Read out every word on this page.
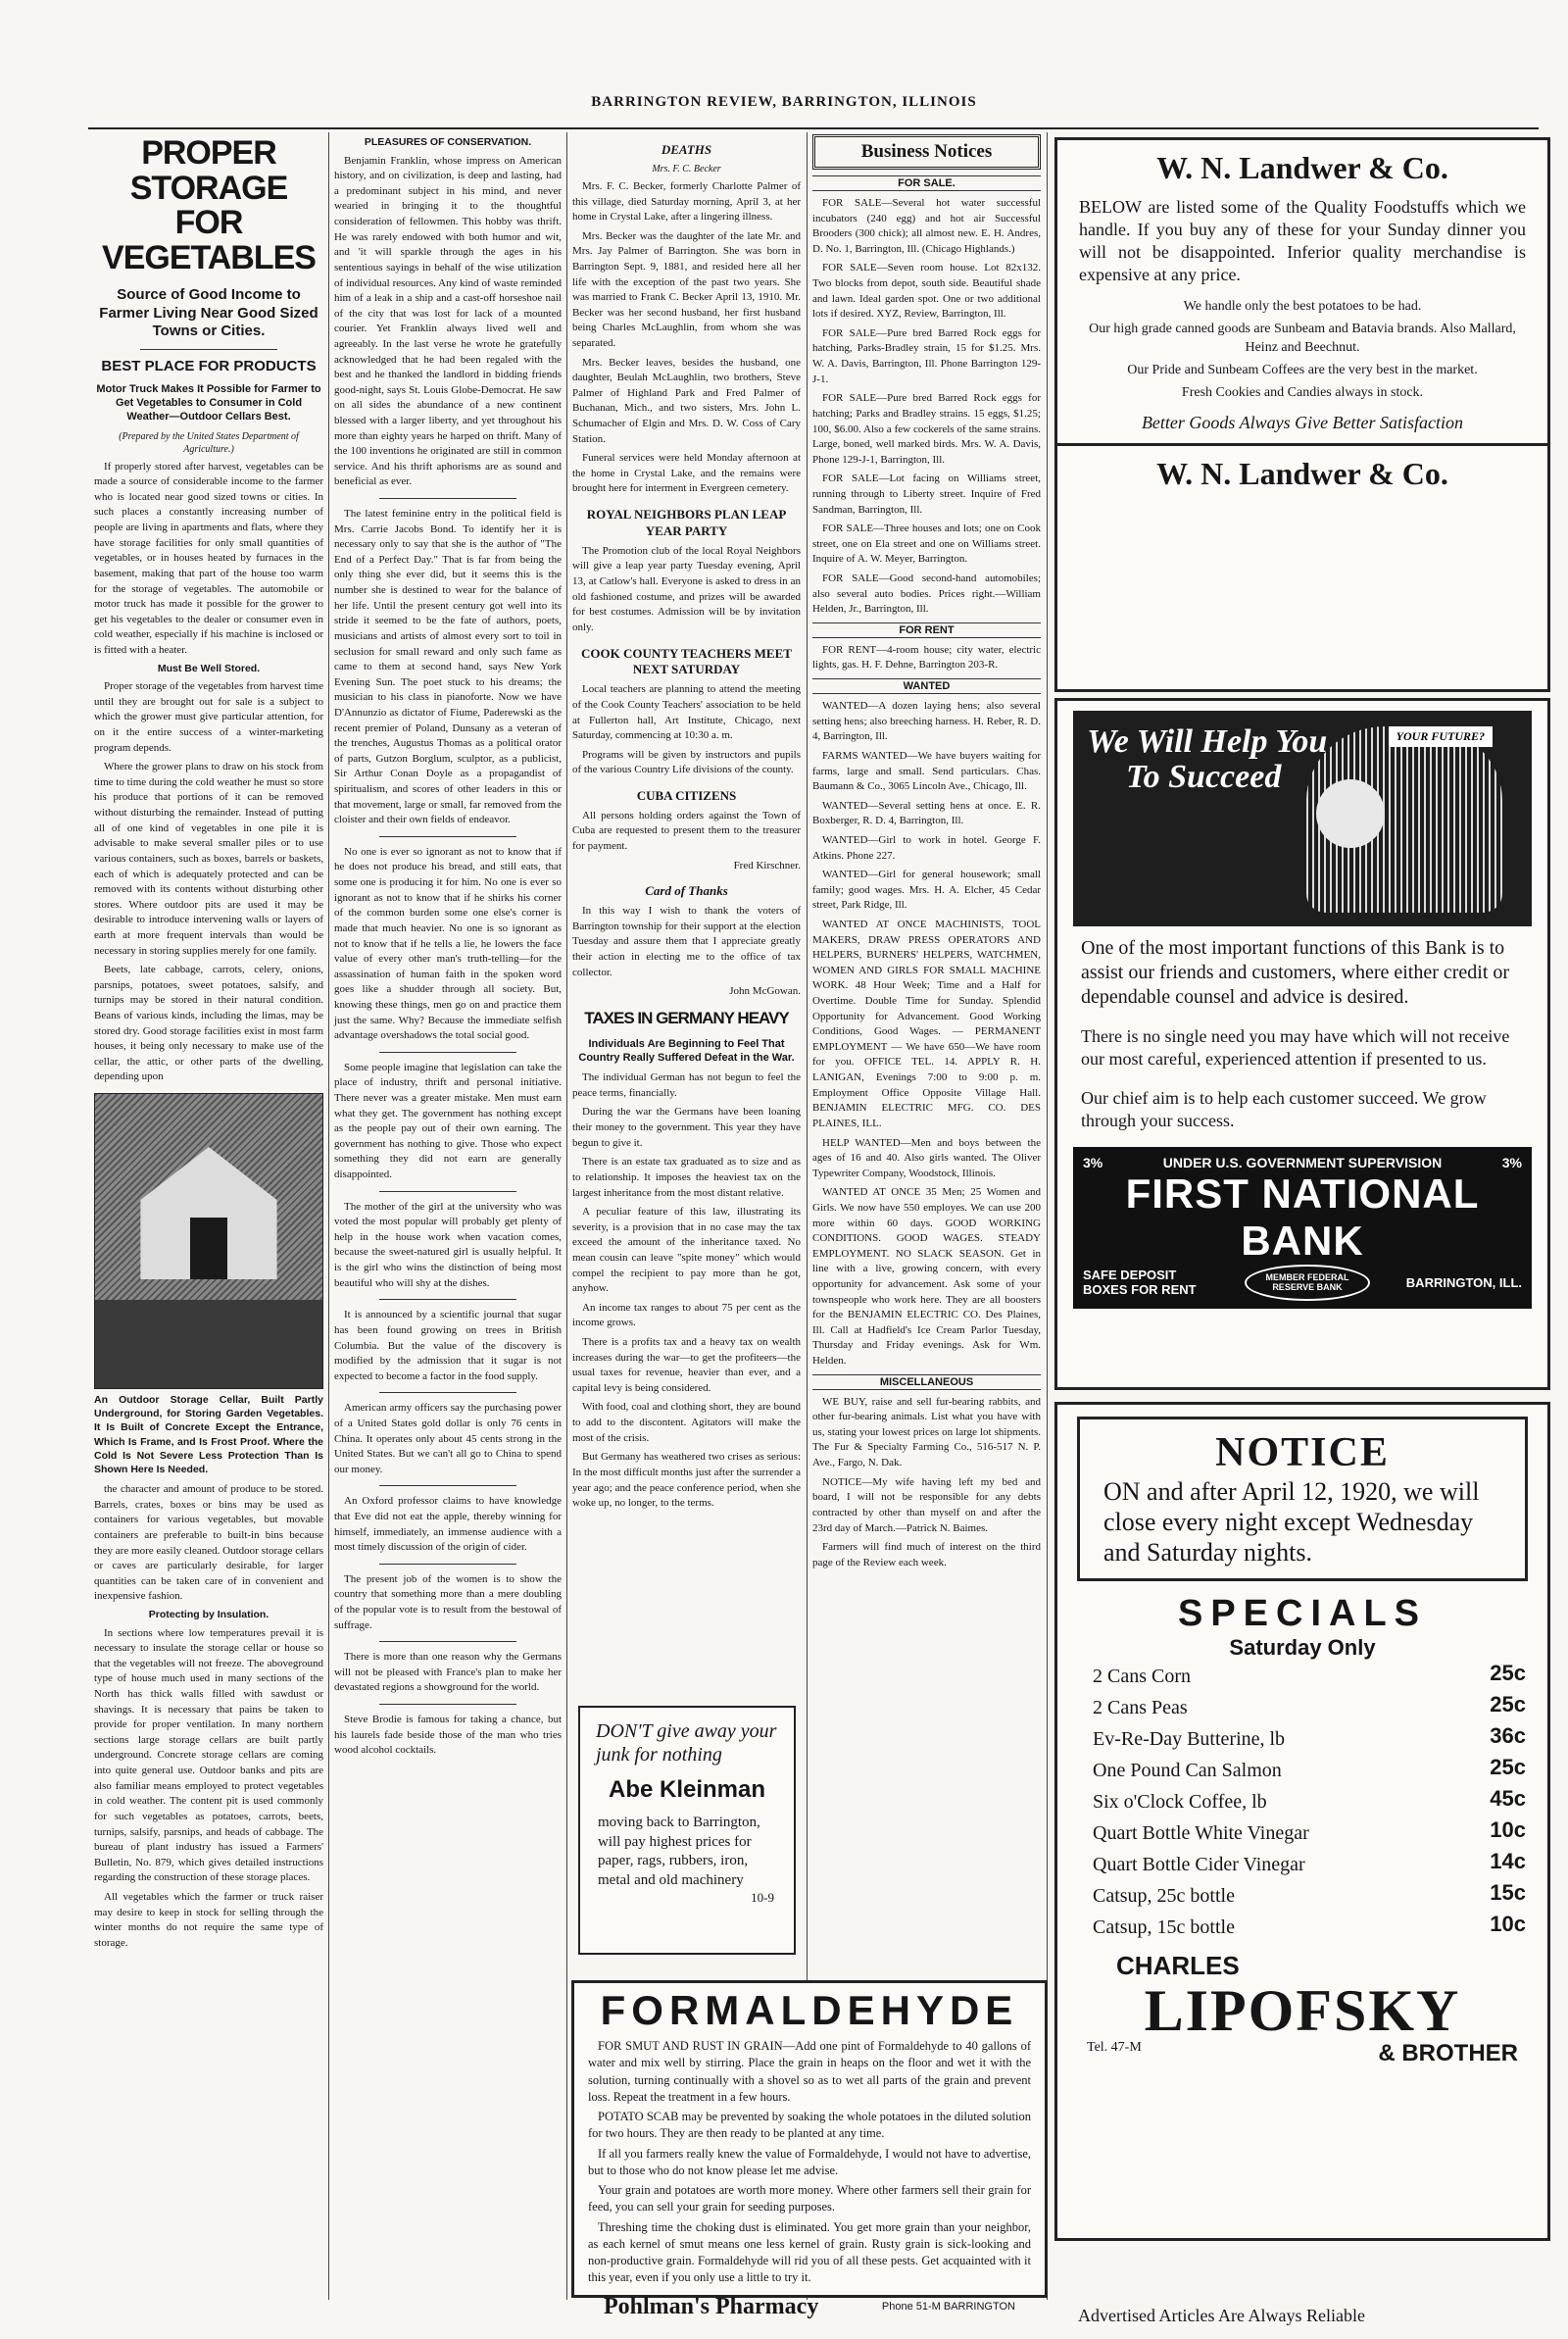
BARRINGTON REVIEW, BARRINGTON, ILLINOIS
PROPER STORAGE FOR VEGETABLES
Source of Good Income to Farmer Living Near Good Sized Towns or Cities.
BEST PLACE FOR PRODUCTS
Motor Truck Makes It Possible for Farmer to Get Vegetables to Consumer in Cold Weather—Outdoor Cellars Best.
(Prepared by the United States Department of Agriculture.)

If properly stored after harvest, vegetables can be made a source of considerable income to the farmer who is located near good sized towns or cities. In such places a constantly increasing number of people are living in apartments and flats, where they have storage facilities for only small quantities of vegetables, or in houses heated by furnaces in the basement, making that part of the house too warm for the storage of vegetables. The automobile or motor truck has made it possible for the grower to get his vegetables to the dealer or consumer even in cold weather, especially if his machine is inclosed or is fitted with a heater.

Must Be Well Stored.

Proper storage of the vegetables from harvest time until they are brought out for sale is a subject to which the grower must give particular attention, for on it the entire success of a winter-marketing program depends.

Where the grower plans to draw on his stock from time to time during the cold weather he must so store his produce that portions of it can be removed without disturbing the remainder. Instead of putting all of one kind of vegetables in one pile it is advisable to make several smaller piles or to use various containers, such as boxes, barrels or baskets, each of which is adequately protected and can be removed with its contents without disturbing other stores. Where outdoor pits are used it may be desirable to introduce intervening walls or layers of earth at more frequent intervals than would be necessary in storing supplies merely for one family.

Beets, late cabbage, carrots, celery, onions, parsnips, potatoes, sweet potatoes, salsify, and turnips may be stored in their natural condition. Beans of various kinds, including the limas, may be stored dry. Good storage facilities exist in most farm houses, it being only necessary to make use of the cellar, the attic, or other parts of the dwelling, depending upon

An Outdoor Storage Cellar, Built Partly Underground, for Storing Garden Vegetables. It Is Built of Concrete Except the Entrance, Which Is Frame, and Is Frost Proof. Where the Cold Is Not Severe Less Protection Than Is Shown Here Is Needed.

the character and amount of produce to be stored. Barrels, crates, boxes or bins may be used as containers for various vegetables, but movable containers are preferable to built-in bins because they are more easily cleaned. Outdoor storage cellars or caves are particularly desirable, for larger quantities can be taken care of in convenient and inexpensive fashion.

Protecting by Insulation.

In sections where low temperatures prevail it is necessary to insulate the storage cellar or house so that the vegetables will not freeze. The aboveground type of house much used in many sections of the North has thick walls filled with sawdust or shavings. It is necessary that pains be taken to provide for proper ventilation. In many northern sections large storage cellars are built partly underground. Concrete storage cellars are coming into quite general use. Outdoor banks and pits are also familiar means employed to protect vegetables in cold weather. The content pit is used commonly for such vegetables as potatoes, carrots, beets, turnips, salsify, parsnips, and heads of cabbage. The bureau of plant industry has issued a Farmers' Bulletin, No. 879, which gives detailed instructions regarding the construction of these storage places.

All vegetables which the farmer or truck raiser may desire to keep in stock for selling through the winter months do not require the same type of storage.

PLEASURES OF CONSERVATION.

Benjamin Franklin, whose impress on American history, and on civilization, is deep and lasting, had a predominant subject in his mind, and never wearied in bringing it to the thoughtful consideration of fellowmen. This hobby was thrift. He was rarely endowed with both humor and wit, and 'it will sparkle through the ages in his sententious sayings in behalf of the wise utilization of individual resources. Any kind of waste reminded him of a leak in a ship and a cast-off horseshoe nail of the city that was lost for lack of a mounted courier. Yet Franklin always lived well and agreeably. In the last verse he wrote he gratefully acknowledged that he had been regaled with the best and he thanked the landlord in bidding friends good-night, says St. Louis Globe-Democrat. He saw on all sides the abundance of a new continent blessed with a larger liberty, and yet throughout his more than eighty years he harped on thrift. Many of the 100 inventions he originated are still in common service. And his thrift aphorisms are as sound and beneficial as ever.

The latest feminine entry in the political field is Mrs. Carrie Jacobs Bond. To identify her it is necessary only to say that she is the author of "The End of a Perfect Day." That is far from being the only thing she ever did, but it seems this is the number she is destined to wear for the balance of her life. Until the present century got well into its stride it seemed to be the fate of authors, poets, musicians and artists of almost every sort to toil in seclusion for small reward and only such fame as came to them at second hand, says New York Evening Sun. The poet stuck to his dreams; the musician to his class in pianoforte. Now we have D'Annunzio as dictator of Fiume, Paderewski as the recent premier of Poland, Dunsany as a veteran of the trenches, Augustus Thomas as a political orator of parts, Gutzon Borglum, sculptor, as a publicist, Sir Arthur Conan Doyle as a propagandist of spiritualism, and scores of other leaders in this or that movement, large or small, far removed from the cloister and their own fields of endeavor.

No one is ever so ignorant as not to know that if he does not produce his bread, and still eats, that some one is producing it for him. No one is ever so ignorant as not to know that if he shirks his corner of the common burden some one else's corner is made that much heavier. No one is so ignorant as not to know that if he tells a lie, he lowers the face value of every other man's truth-telling—for the assassination of human faith in the spoken word goes like a shudder through all society. But, knowing these things, men go on and practice them just the same. Why? Because the immediate selfish advantage overshadows the total social good.

Some people imagine that legislation can take the place of industry, thrift and personal initiative. There never was a greater mistake. Men must earn what they get. The government has nothing except as the people pay out of their own earning. The government has nothing to give. Those who expect something they did not earn are generally disappointed.

The mother of the girl at the university who was voted the most popular will probably get plenty of help in the house work when vacation comes, because the sweet-natured girl is usually helpful. It is the girl who wins the distinction of being most beautiful who will shy at the dishes.

It is announced by a scientific journal that sugar has been found growing on trees in British Columbia. But the value of the discovery is modified by the admission that it sugar is not expected to become a factor in the food supply.

American army officers say the purchasing power of a United States gold dollar is only 76 cents in China. It operates only about 45 cents strong in the United States. But we can't all go to China to spend our money.

An Oxford professor claims to have knowledge that Eve did not eat the apple, thereby winning for himself, immediately, an immense audience with a most timely discussion of the origin of cider.

The present job of the women is to show the country that something more than a mere doubling of the popular vote is to result from the bestowal of suffrage.

There is more than one reason why the Germans will not be pleased with France's plan to make her devastated regions a showground for the world.

Steve Brodie is famous for taking a chance, but his laurels fade beside those of the man who tries wood alcohol cocktails.

DEATHS
Mrs. F. C. Becker

Mrs. F. C. Becker, formerly Charlotte Palmer of this village, died Saturday morning, April 3, at her home in Crystal Lake, after a lingering illness.

Mrs. Becker was the daughter of the late Mr. and Mrs. Jay Palmer of Barrington. She was born in Barrington Sept. 9, 1881, and resided here all her life with the exception of the past two years. She was married to Frank C. Becker April 13, 1910. Mr. Becker was her second husband, her first husband being Charles McLaughlin, from whom she was separated.

Mrs. Becker leaves, besides the husband, one daughter, Beulah McLaughlin, two brothers, Steve Palmer of Highland Park and Fred Palmer of Buchanan, Mich., and two sisters, Mrs. John L. Schumacher of Elgin and Mrs. D. W. Coss of Cary Station.

Funeral services were held Monday afternoon at the home in Crystal Lake, and the remains were brought here for interment in Evergreen cemetery.

ROYAL NEIGHBORS PLAN LEAP YEAR PARTY

The Promotion club of the local Royal Neighbors will give a leap year party Tuesday evening, April 13, at Catlow's hall. Everyone is asked to dress in an old fashioned costume, and prizes will be awarded for best costumes. Admission will be by invitation only.

COOK COUNTY TEACHERS MEET NEXT SATURDAY

Local teachers are planning to attend the meeting of the Cook County Teachers' association to be held at Fullerton hall, Art Institute, Chicago, next Saturday, commencing at 10:30 a. m.

Programs will be given by instructors and pupils of the various Country Life divisions of the county.

CUBA CITIZENS

All persons holding orders against the Town of Cuba are requested to present them to the treasurer for payment.

Fred Kirschner.
Card of Thanks

In this way I wish to thank the voters of Barrington township for their support at the election Tuesday and assure them that I appreciate greatly their action in electing me to the office of tax collector.

John McGowan.
TAXES IN GERMANY HEAVY
Individuals Are Beginning to Feel That Country Really Suffered Defeat in the War.

The individual German has not begun to feel the peace terms, financially.

During the war the Germans have been loaning their money to the government. This year they have begun to give it.

There is an estate tax graduated as to size and as to relationship. It imposes the heaviest tax on the largest inheritance from the most distant relative.

A peculiar feature of this law, illustrating its severity, is a provision that in no case may the tax exceed the amount of the inheritance taxed. No mean cousin can leave "spite money" which would compel the recipient to pay more than he got, anyhow.

An income tax ranges to about 75 per cent as the income grows.

There is a profits tax and a heavy tax on wealth increases during the war—to get the profiteers—the usual taxes for revenue, heavier than ever, and a capital levy is being considered.

With food, coal and clothing short, they are bound to add to the discontent. Agitators will make the most of the crisis.

But Germany has weathered two crises as serious: In the most difficult months just after the surrender a year ago; and the peace conference period, when she woke up, no longer, to the terms.

DON'T give away your junk for nothing
Abe Kleinman
moving back to Barrington, will pay highest prices for paper, rags, rubbers, iron, metal and old machinery
10-9
Business Notices
FOR SALE.

FOR SALE—Several hot water successful incubators (240 egg) and hot air Successful Brooders (300 chick); all almost new. E. H. Andres, D. No. 1, Barrington, Ill. (Chicago Highlands.)

FOR SALE—Seven room house. Lot 82x132. Two blocks from depot, south side. Beautiful shade and lawn. Ideal garden spot. One or two additional lots if desired. XYZ, Review, Barrington, Ill.

FOR SALE—Pure bred Barred Rock eggs for hatching, Parks-Bradley strain, 15 for $1.25. Mrs. W. A. Davis, Barrington, Ill. Phone Barrington 129-J-1.

FOR SALE—Pure bred Barred Rock eggs for hatching; Parks and Bradley strains. 15 eggs, $1.25; 100, $6.00. Also a few cockerels of the same strains. Large, boned, well marked birds. Mrs. W. A. Davis, Phone 129-J-1, Barrington, Ill.

FOR SALE—Lot facing on Williams street, running through to Liberty street. Inquire of Fred Sandman, Barrington, Ill.

FOR SALE—Three houses and lots; one on Cook street, one on Ela street and one on Williams street. Inquire of A. W. Meyer, Barrington.

FOR SALE—Good second-hand automobiles; also several auto bodies. Prices right.—William Helden, Jr., Barrington, Ill.

FOR RENT

FOR RENT—4-room house; city water, electric lights, gas. H. F. Dehne, Barrington 203-R.

WANTED

WANTED—A dozen laying hens; also several setting hens; also breeching harness. H. Reber, R. D. 4, Barrington, Ill.

FARMS WANTED—We have buyers waiting for farms, large and small. Send particulars. Chas. Baumann & Co., 3065 Lincoln Ave., Chicago, Ill.

WANTED—Several setting hens at once. E. R. Boxberger, R. D. 4, Barrington, Ill.

WANTED—Girl to work in hotel. George F. Atkins. Phone 227.

WANTED—Girl for general housework; small family; good wages. Mrs. H. A. Elcher, 45 Cedar street, Park Ridge, Ill.

WANTED AT ONCE MACHINISTS, TOOL MAKERS, DRAW PRESS OPERATORS AND HELPERS, BURNERS' HELPERS, WATCHMEN, WOMEN AND GIRLS FOR SMALL MACHINE WORK. 48 Hour Week; Time and a Half for Overtime. Double Time for Sunday. Splendid Opportunity for Advancement. Good Working Conditions, Good Wages. — PERMANENT EMPLOYMENT — We have 650—We have room for you. OFFICE TEL. 14. APPLY R. H. LANIGAN, Evenings 7:00 to 9:00 p. m. Employment Office Opposite Village Hall. BENJAMIN ELECTRIC MFG. CO. DES PLAINES, ILL.

HELP WANTED—Men and boys between the ages of 16 and 40. Also girls wanted. The Oliver Typewriter Company, Woodstock, Illinois.

WANTED AT ONCE 35 Men; 25 Women and Girls. We now have 550 employes. We can use 200 more within 60 days. GOOD WORKING CONDITIONS. GOOD WAGES. STEADY EMPLOYMENT. NO SLACK SEASON. Get in line with a live, growing concern, with every opportunity for advancement. Ask some of your townspeople who work here. They are all boosters for the BENJAMIN ELECTRIC CO. Des Plaines, Ill. Call at Hadfield's Ice Cream Parlor Tuesday, Thursday and Friday evenings. Ask for Wm. Helden.

MISCELLANEOUS

WE BUY, raise and sell fur-bearing rabbits, and other fur-bearing animals. List what you have with us, stating your lowest prices on large lot shipments. The Fur & Specialty Farming Co., 516-517 N. P. Ave., Fargo, N. Dak.

NOTICE—My wife having left my bed and board, I will not be responsible for any debts contracted by other than myself on and after the 23rd day of March.—Patrick N. Baimes.

Farmers will find much of interest on the third page of the Review each week.

FORMALDEHYDE

FOR SMUT AND RUST IN GRAIN—Add one pint of Formaldehyde to 40 gallons of water and mix well by stirring. Place the grain in heaps on the floor and wet it with the solution, turning continually with a shovel so as to wet all parts of the grain and prevent loss. Repeat the treatment in a few hours.

POTATO SCAB may be prevented by soaking the whole potatoes in the diluted solution for two hours. They are then ready to be planted at any time.

If all you farmers really knew the value of Formaldehyde, I would not have to advertise, but to those who do not know please let me advise.

Your grain and potatoes are worth more money. Where other farmers sell their grain for feed, you can sell your grain for seeding purposes.

Threshing time the choking dust is eliminated. You get more grain than your neighbor, as each kernel of smut means one less kernel of grain. Rusty grain is sick-looking and non-productive grain. Formaldehyde will rid you of all these pests. Get acquainted with it this year, even if you only use a little to try it.

Pohlman's Pharmacy	Phone 51-M BARRINGTON
W. N. Landwer & Co.
BELOW are listed some of the Quality Foodstuffs which we handle. If you buy any of these for your Sunday dinner you will not be disappointed. Inferior quality merchandise is expensive at any price.
We handle only the best potatoes to be had.
Our high grade canned goods are Sunbeam and Batavia brands. Also Mallard, Heinz and Beechnut.
Our Pride and Sunbeam Coffees are the very best in the market.
Fresh Cookies and Candies always in stock.
Better Goods Always Give Better Satisfaction
W. N. Landwer & Co.
We Will Help You
To Succeed
YOUR FUTURE?
One of the most important functions of this Bank is to assist our friends and customers, where either credit or dependable counsel and advice is desired.
There is no single need you may have which will not receive our most careful, experienced attention if presented to us.
Our chief aim is to help each customer succeed. We grow through your success.
3%	UNDER U.S. GOVERNMENT SUPERVISION	3%
FIRST NATIONAL BANK
SAFE DEPOSIT BOXES FOR RENT
MEMBER FEDERAL RESERVE BANK	BARRINGTON, ILL.
NOTICE
ON and after April 12, 1920, we will close every night except Wednesday and Saturday nights.
SPECIALS
Saturday Only
2 Cans Corn	25c
2 Cans Peas	25c
Ev-Re-Day Butterine, lb	36c
One Pound Can Salmon	25c
Six o'Clock Coffee, lb	45c
Quart Bottle White Vinegar	10c
Quart Bottle Cider Vinegar	14c
Catsup, 25c bottle	15c
Catsup, 15c bottle	10c
CHARLES
LIPOFSKY
Tel. 47-M	& BROTHER
Advertised Articles Are Always Reliable
